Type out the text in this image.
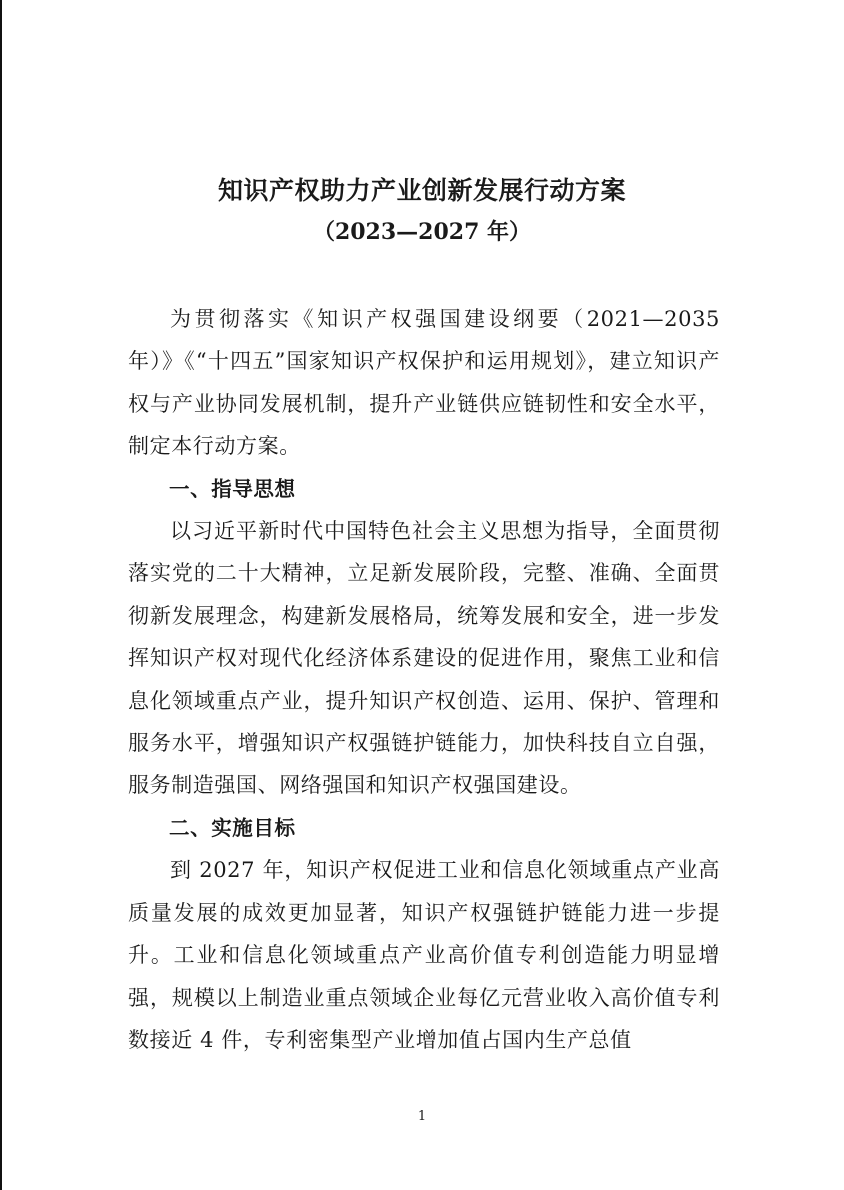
知识产权助力产业创新发展行动方案
（2023—2027 年）

为贯彻落实《知识产权强国建设纲要（2021—2035 年）》《“十四五”国家知识产权保护和运用规划》，建立知识产权与产业协同发展机制，提升产业链供应链韧性和安全水平，制定本行动方案。

一、指导思想

以习近平新时代中国特色社会主义思想为指导，全面贯彻落实党的二十大精神，立足新发展阶段，完整、准确、全面贯彻新发展理念，构建新发展格局，统筹发展和安全，进一步发挥知识产权对现代化经济体系建设的促进作用，聚焦工业和信息化领域重点产业，提升知识产权创造、运用、保护、管理和服务水平，增强知识产权强链护链能力，加快科技自立自强，服务制造强国、网络强国和知识产权强国建设。

二、实施目标

到 2027 年，知识产权促进工业和信息化领域重点产业高质量发展的成效更加显著，知识产权强链护链能力进一步提升。工业和信息化领域重点产业高价值专利创造能力明显增强，规模以上制造业重点领域企业每亿元营业收入高价值专利数接近 4 件，专利密集型产业增加值占国内生产总值

1
